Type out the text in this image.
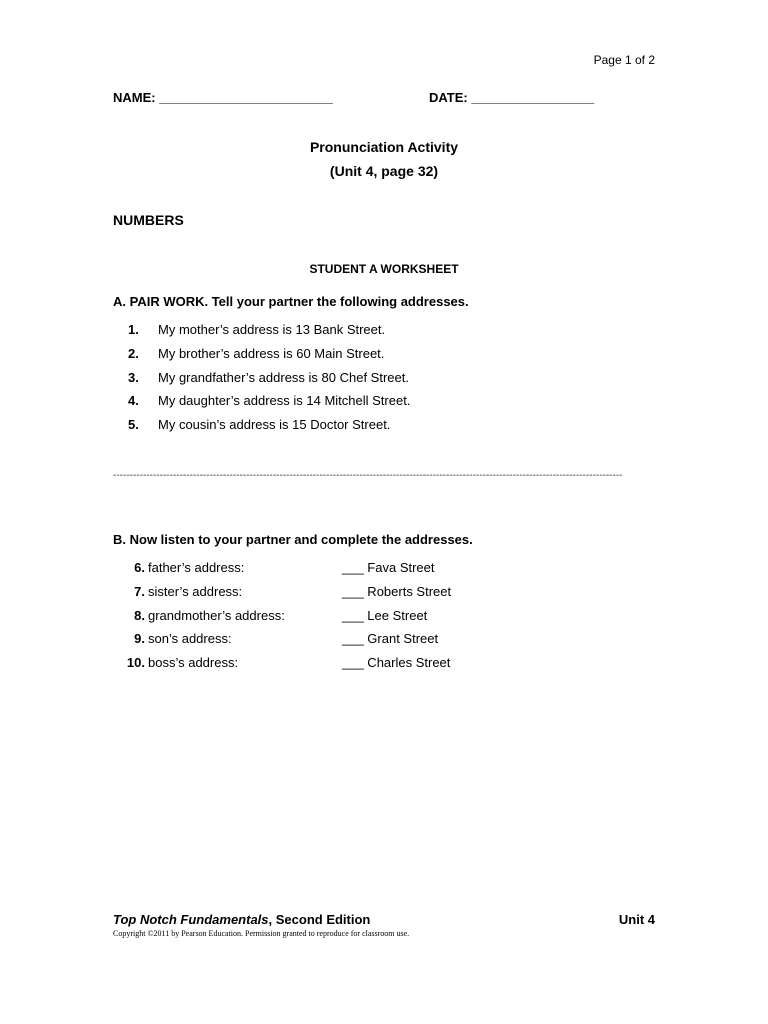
Page 1 of 2
NAME: ________________________	DATE: _________________
Pronunciation Activity
(Unit 4, page 32)
NUMBERS
STUDENT A WORKSHEET
A. PAIR WORK. Tell your partner the following addresses.
1.	My mother’s address is 13 Bank Street.
2.	My brother’s address is 60 Main Street.
3.	My grandfather’s address is 80 Chef Street.
4.	My daughter’s address is 14 Mitchell Street.
5.	My cousin’s address is 15 Doctor Street.
---------------------------------------------------------------------------------------------------------------------------------------------------------
B. Now listen to your partner and complete the addresses.
6. father’s address:	___ Fava Street
7. sister’s address:	___ Roberts Street
8. grandmother’s address:	___ Lee Street
9. son’s address:	___ Grant Street
10. boss’s address:	___ Charles Street
Top Notch Fundamentals, Second Edition	Unit 4
Copyright ©2011 by Pearson Education. Permission granted to reproduce for classroom use.
